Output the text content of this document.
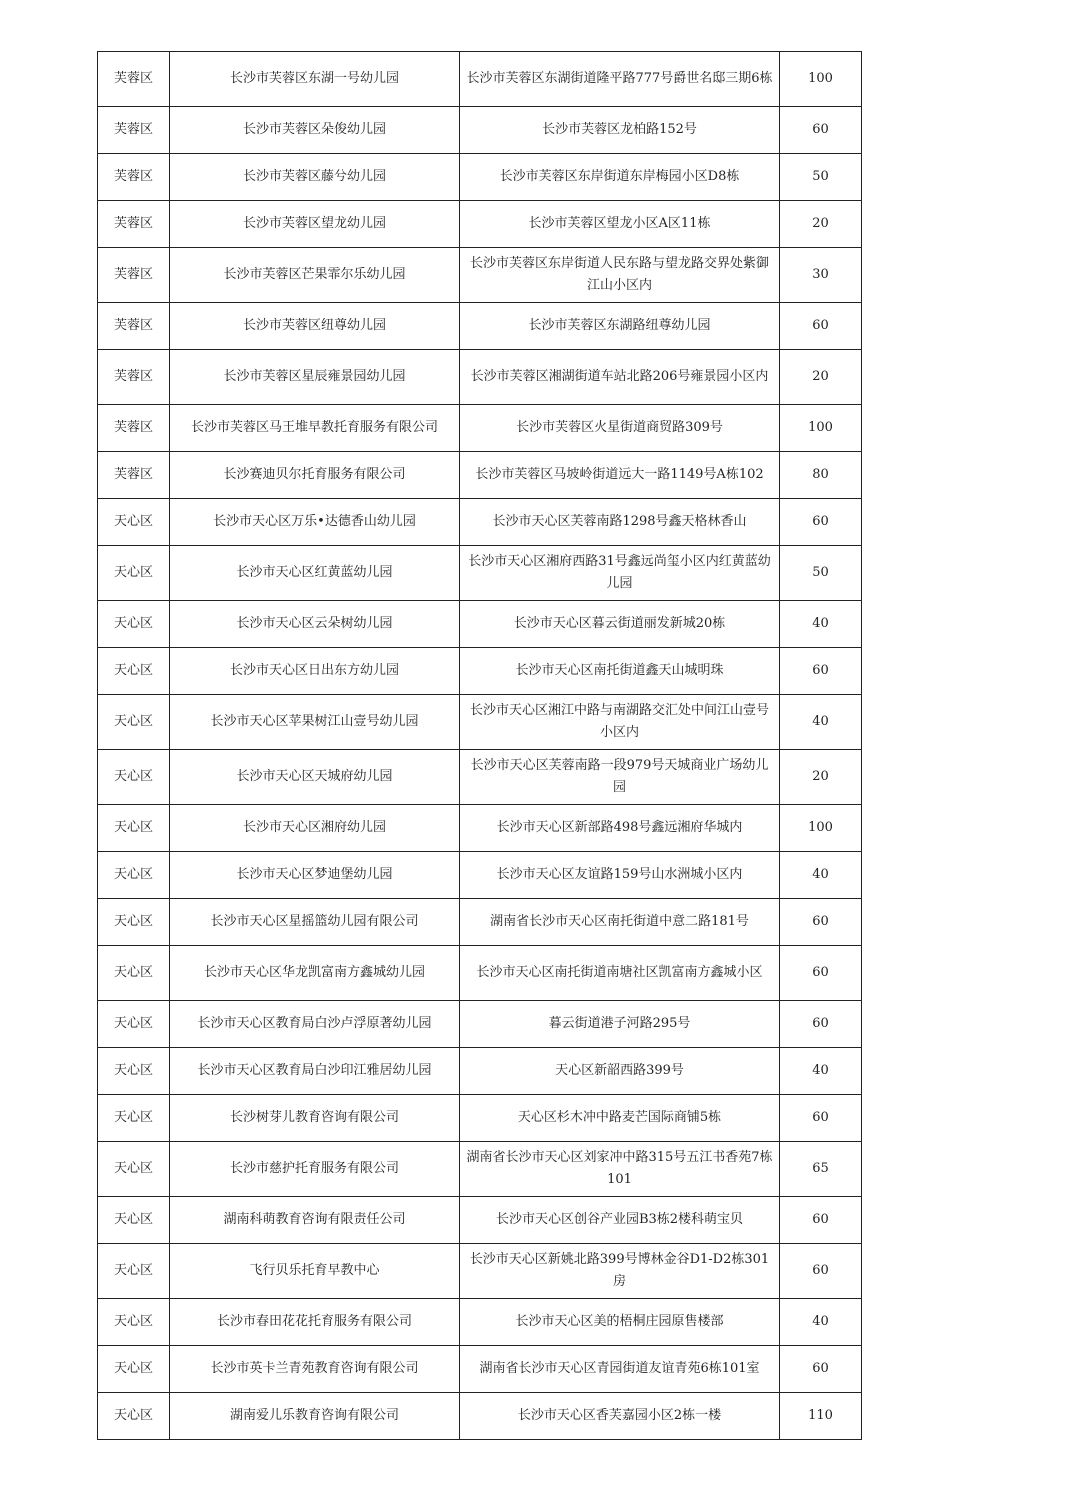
芙蓉区	长沙市芙蓉区东湖一号幼儿园	长沙市芙蓉区东湖街道隆平路777号爵世名邸三期6栋	100
芙蓉区	长沙市芙蓉区朵俊幼儿园	长沙市芙蓉区龙柏路152号	60
芙蓉区	长沙市芙蓉区藤兮幼儿园	长沙市芙蓉区东岸街道东岸梅园小区D8栋	50
芙蓉区	长沙市芙蓉区望龙幼儿园	长沙市芙蓉区望龙小区A区11栋	20
芙蓉区	长沙市芙蓉区芒果霏尔乐幼儿园	长沙市芙蓉区东岸街道人民东路与望龙路交界处紫御江山小区内	30
芙蓉区	长沙市芙蓉区纽尊幼儿园	长沙市芙蓉区东湖路纽尊幼儿园	60
芙蓉区	长沙市芙蓉区星辰雍景园幼儿园	长沙市芙蓉区湘湖街道车站北路206号雍景园小区内	20
芙蓉区	长沙市芙蓉区马王堆早教托育服务有限公司	长沙市芙蓉区火星街道商贸路309号	100
芙蓉区	长沙赛迪贝尔托育服务有限公司	长沙市芙蓉区马坡岭街道远大一路1149号A栋102	80
天心区	长沙市天心区万乐•达德香山幼儿园	长沙市天心区芙蓉南路1298号鑫天格林香山	60
天心区	长沙市天心区红黄蓝幼儿园	长沙市天心区湘府西路31号鑫远尚玺小区内红黄蓝幼儿园	50
天心区	长沙市天心区云朵树幼儿园	长沙市天心区暮云街道丽发新城20栋	40
天心区	长沙市天心区日出东方幼儿园	长沙市天心区南托街道鑫天山城明珠	60
天心区	长沙市天心区苹果树江山壹号幼儿园	长沙市天心区湘江中路与南湖路交汇处中间江山壹号小区内	40
天心区	长沙市天心区天城府幼儿园	长沙市天心区芙蓉南路一段979号天城商业广场幼儿园	20
天心区	长沙市天心区湘府幼儿园	长沙市天心区新部路498号鑫远湘府华城内	100
天心区	长沙市天心区梦迪堡幼儿园	长沙市天心区友谊路159号山水洲城小区内	40
天心区	长沙市天心区星摇篮幼儿园有限公司	湖南省长沙市天心区南托街道中意二路181号	60
天心区	长沙市天心区华龙凯富南方鑫城幼儿园	长沙市天心区南托街道南塘社区凯富南方鑫城小区	60
天心区	长沙市天心区教育局白沙卢浮原著幼儿园	暮云街道港子河路295号	60
天心区	长沙市天心区教育局白沙印江雅居幼儿园	天心区新韶西路399号	40
天心区	长沙树芽儿教育咨询有限公司	天心区杉木冲中路麦芒国际商铺5栋	60
天心区	长沙市慈护托育服务有限公司	湖南省长沙市天心区刘家冲中路315号五江书香苑7栋101	65
天心区	湖南科萌教育咨询有限责任公司	长沙市天心区创谷产业园B3栋2楼科萌宝贝	60
天心区	飞行贝乐托育早教中心	长沙市天心区新姚北路399号博林金谷D1-D2栋301房	60
天心区	长沙市春田花花托育服务有限公司	长沙市天心区美的梧桐庄园原售楼部	40
天心区	长沙市英卡兰青苑教育咨询有限公司	湖南省长沙市天心区青园街道友谊青苑6栋101室	60
天心区	湖南爱儿乐教育咨询有限公司	长沙市天心区香芙嘉园小区2栋一楼	110
